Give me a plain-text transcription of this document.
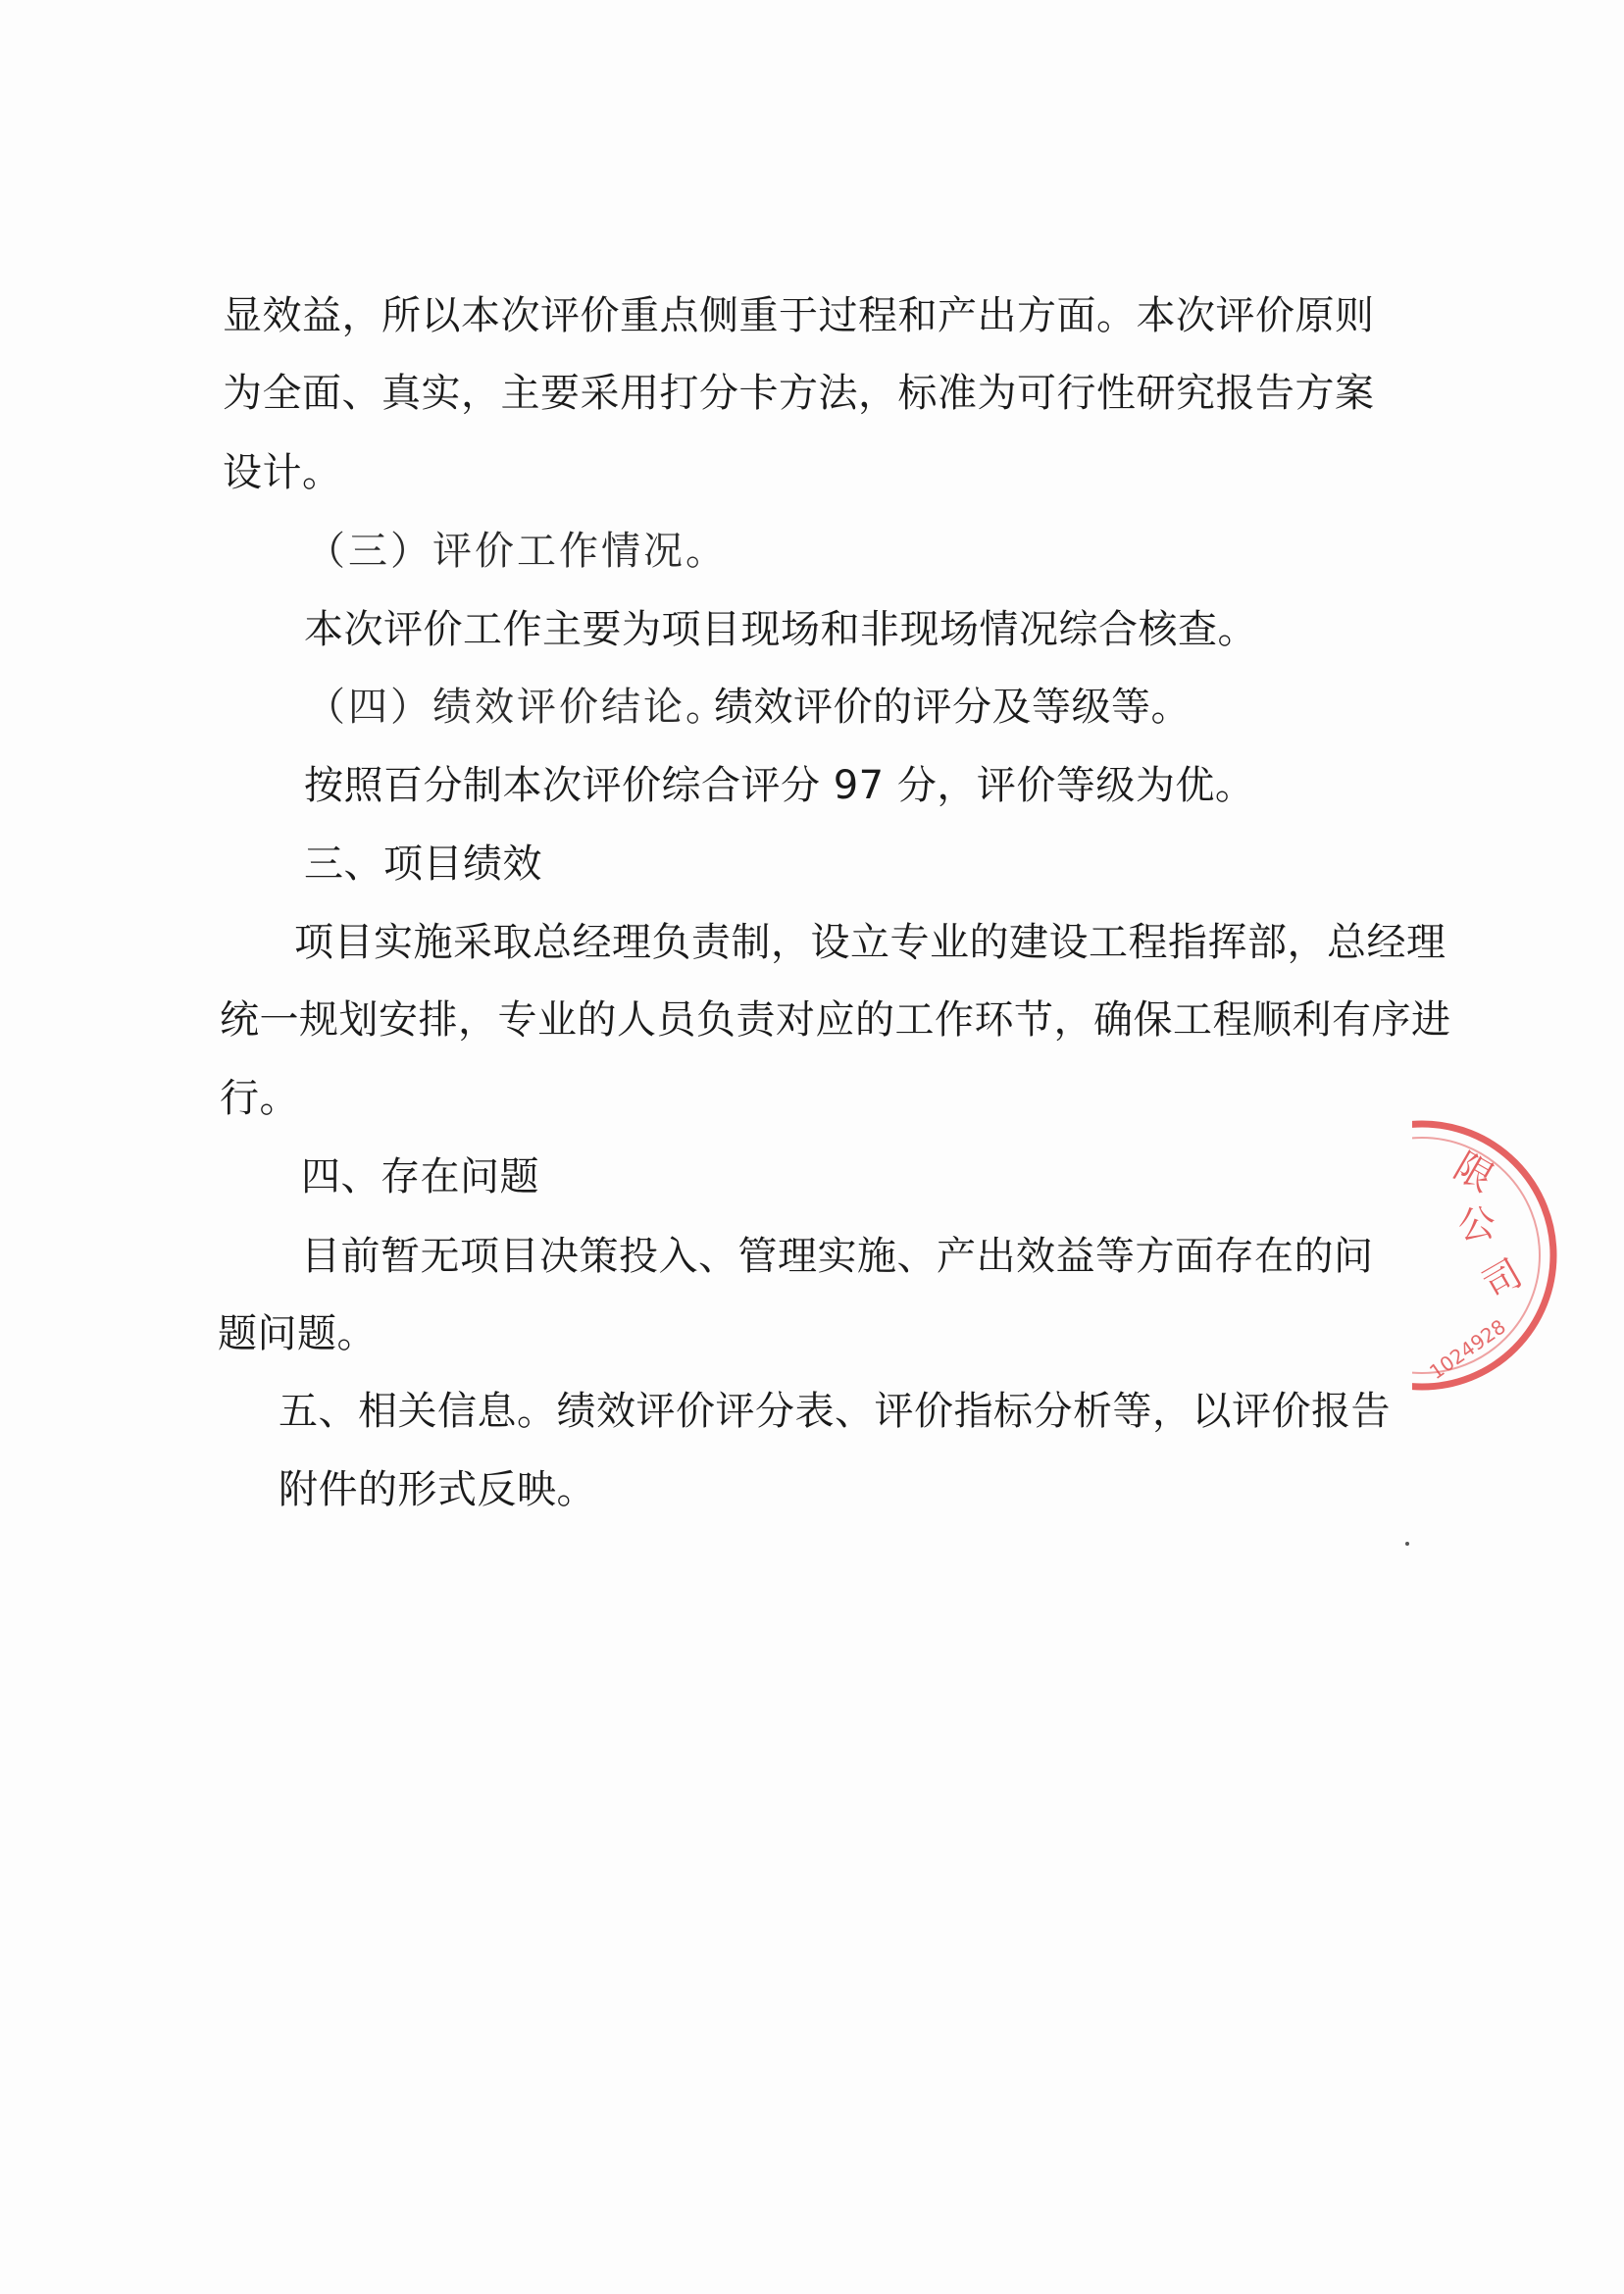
显效益，所以本次评价重点侧重于过程和产出方面。本次评价原则
为全面、真实，主要采用打分卡方法，标准为可行性研究报告方案
设计。
（三）评价工作情况。
本次评价工作主要为项目现场和非现场情况综合核查。
（四）绩效评价结论。
绩效评价的评分及等级等。
按照百分制本次评价综合评分 97 分，评价等级为优。
三、项目绩效
项目实施采取总经理负责制，设立专业的建设工程指挥部，总经理
统一规划安排，专业的人员负责对应的工作环节，确保工程顺利有序进
行。
四、存在问题
目前暂无项目决策投入、管理实施、产出效益等方面存在的问
题问题。
五、相关信息。绩效评价评分表、评价指标分析等，以评价报告
附件的形式反映。
限
公
司
1024928
